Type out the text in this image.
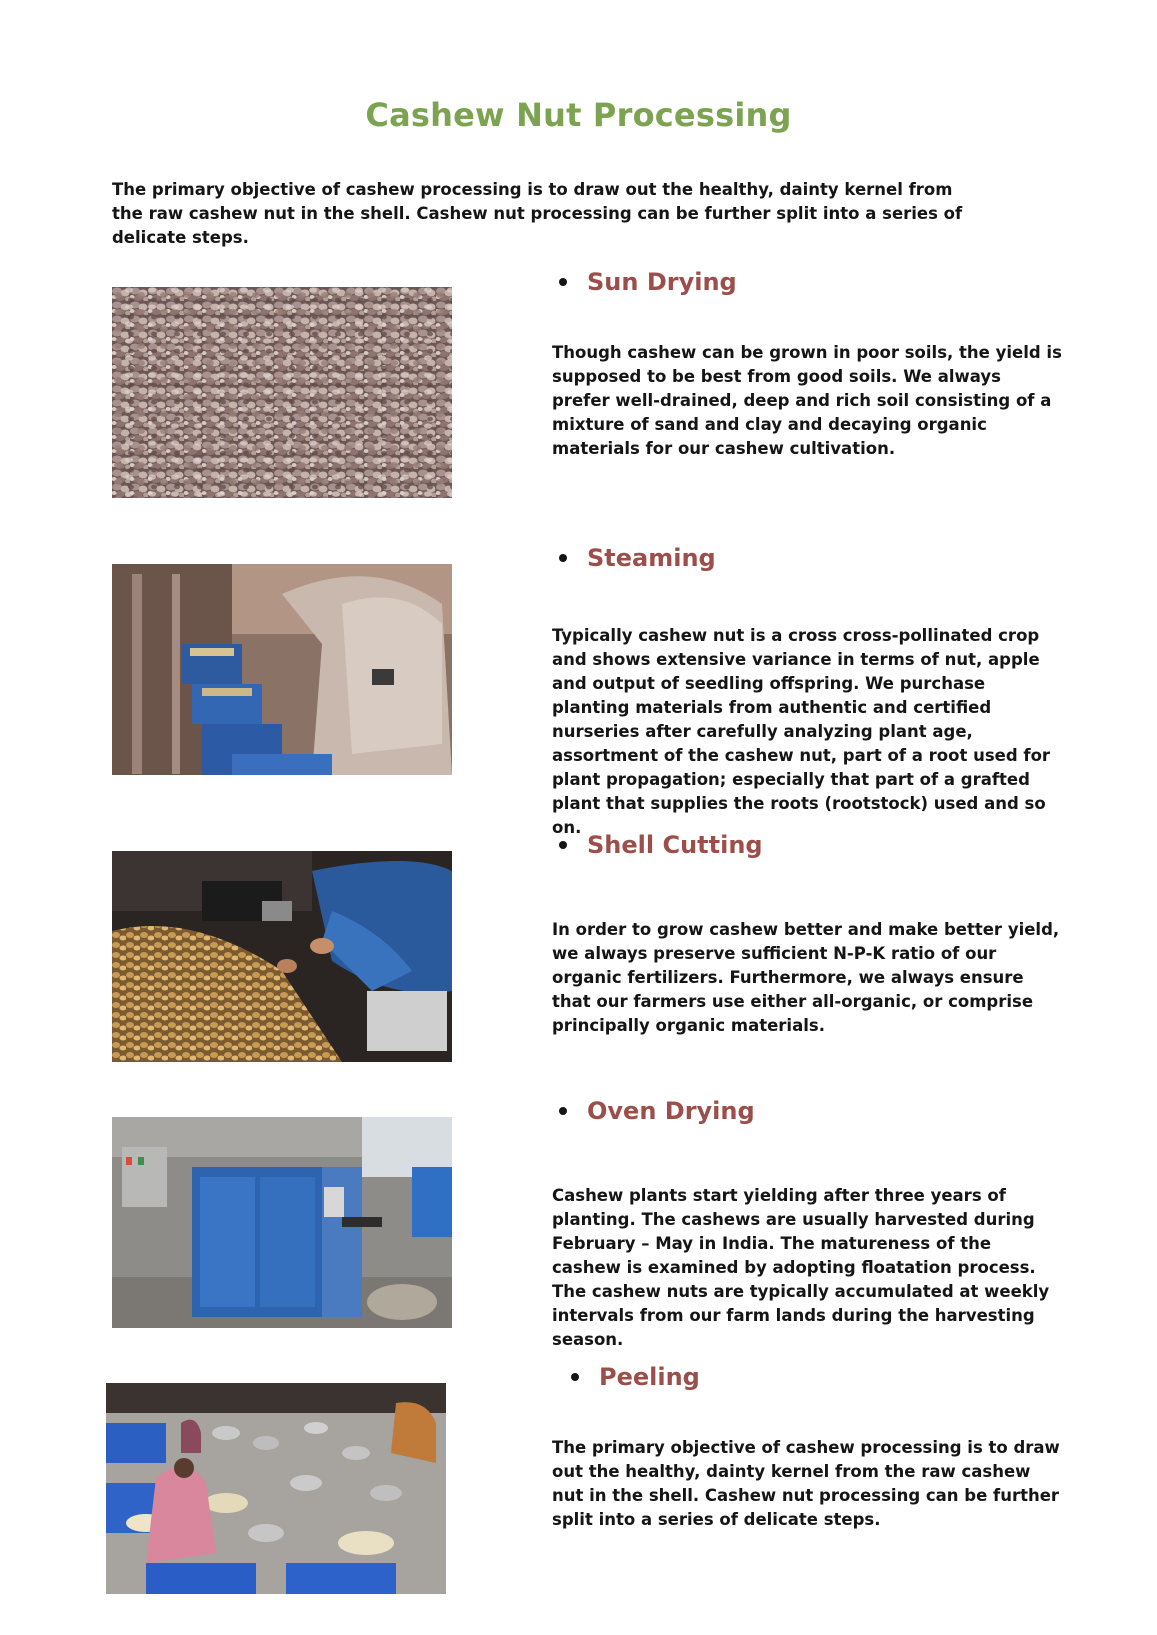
Cashew Nut Processing

The primary objective of cashew processing is to draw out the healthy, dainty kernel from the raw cashew nut in the shell. Cashew nut processing can be further split into a series of delicate steps.

Sun Drying

Though cashew can be grown in poor soils, the yield is supposed to be best from good soils. We always prefer well-drained, deep and rich soil consisting of a mixture of sand and clay and decaying organic materials for our cashew cultivation.

Steaming

Typically cashew nut is a cross cross-pollinated crop and shows extensive variance in terms of nut, apple and output of seedling offspring. We purchase planting materials from authentic and certified nurseries after carefully analyzing plant age, assortment of the cashew nut, part of a root used for plant propagation; especially that part of a grafted plant that supplies the roots (rootstock) used and so on.

Shell Cutting

In order to grow cashew better and make better yield, we always preserve sufficient N-P-K ratio of our organic fertilizers. Furthermore, we always ensure that our farmers use either all-organic, or comprise principally organic materials.

Oven Drying

Cashew plants start yielding after three years of planting. The cashews are usually harvested during February – May in India. The matureness of the cashew is examined by adopting floatation process. The cashew nuts are typically accumulated at weekly intervals from our farm lands during the harvesting season.

Peeling

The primary objective of cashew processing is to draw out the healthy, dainty kernel from the raw cashew nut in the shell. Cashew nut processing can be further split into a series of delicate steps.
